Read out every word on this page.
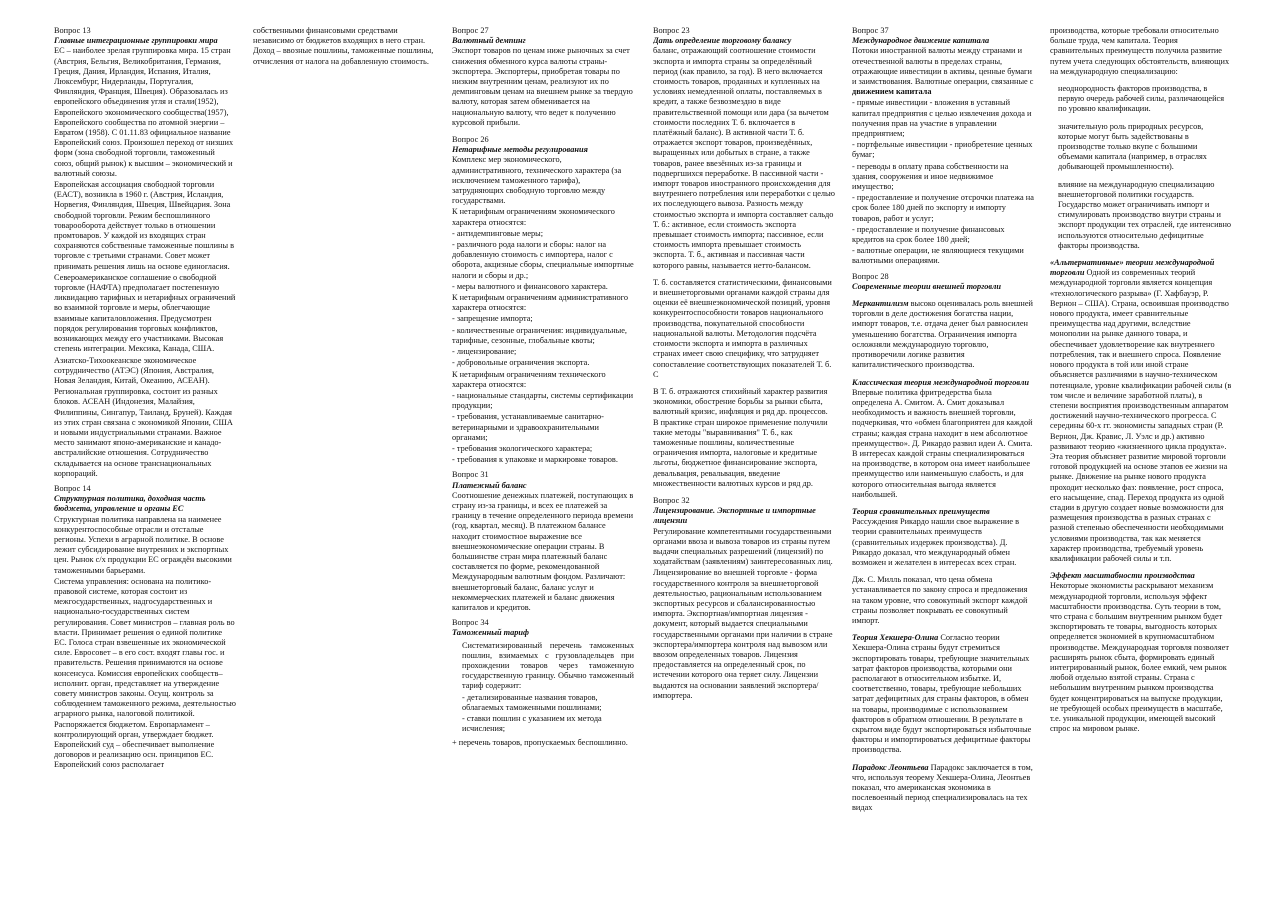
Вопрос 13
Главные интеграционные группировки мира
ЕС – наиболее зрелая группировка мира. 15 стран (Австрия, Бельгия, Великобритания, Германия, Греция, Дания, Ирландия, Испания, Италия, Люксембург, Нидерланды, Португалия, Финляндия, Франция, Швеция). Образовалась из европейского объединения угля и стали(1952), Европейского экономического сообщества(1957), Европейского сообщества по атомной энергии – Евратом (1958). С 01.11.83 официальное название Европейский союз. Произошел переход от низших форм (зона свободной торговли, таможенный союз, общий рынок) к высшим – экономический и валютный союзы.
Европейская ассоциация свободной торговли (ЕАСТ), возникла в 1960 г. (Австрия, Исландия, Норвегия, Финляндия, Швеция, Швейцария. Зона свободной торговли. Режим беспошлинного товарооборота действует только в отношении промтоваров. У каждой из входящих стран сохраняются собственные таможенные пошлины в торговле с третьими странами. Совет может принимать решения лишь на основе единогласия.
Североамериканское соглашение о свободной торговле (НАФТА) предполагает постепенную ликвидацию тарифных и нетарифных ограничений во взаимной торговле и меры, облегчающие взаимные капиталовложения. Предусмотрен порядок регулирования торговых конфликтов, возникающих между его участниками. Высокая степень интеграции. Мексика, Канада, США.
Азиатско-Тихоокеанское экономическое сотрудничество (АТЭС) (Япония, Австралия, Новая Зеландия, Китай, Океанию, АСЕАН).
Региональная группировка, состоит из разных блоков. АСЕАН (Индонезия, Малайзия, Филиппины, Сингапур, Таиланд, Бруней). Каждая из этих стран связана с экономикой Японии, США и новыми индустриальными странами. Важное место занимают японо-американские и канадо-австралийские отношения. Сотрудничество складывается на основе транснациональных корпораций.
Вопрос 14
Структурная политика, доходная часть бюджета, управление и органы ЕС
Структурная политика направлена на наименее конкурентоспособные отрасли и отсталые регионы. Успехи в аграрной политике. В основе лежит субсидирование внутренних и экспортных цен. Рынок с/х продукции ЕС ограждён высокими таможенными барьерами.
Система управления: основана на политико-правовой системе, которая состоит из межгосударственных, надгосударственных и национально-государственных систем регулирования. Совет министров – главная роль во власти. Принимает решения о единой политике ЕС. Голоса стран взвешенные их экономической силе. Евросовет – в его сост. входят главы гос. и правительств. Решения принимаются на основе консенсуса. Комиссия европейских сообществ– исполнит. орган, представляет на утверждение совету министров законы. Осущ. контроль за соблюдением таможенного режима, деятельностью аграрного рынка, налоговой политикой. Распоряжается бюджетом. Европарламент – контролирующий орган, утверждает бюджет. Европейский суд – обеспечивает выполнение договоров и реализацию осн. принципов ЕС. Европейский союз располагает
собственными финансовыми средствами независимо от бюджетов входящих в него стран. Доход – ввозные пошлины, таможенные пошлины, отчисления от налога на добавленную стоимость.
Вопрос 27
Валютный демпинг
Экспорт товаров по ценам ниже рыночных за счет снижения обменного курса валюты страны-экспортера. Экспортеры, приобретая товары по низким внутренним ценам, реализуют их по демпинговым ценам на внешнем рынке за твердую валюту, которая затем обменивается на национальную валюту, что ведет к получению курсовой прибыли.
Вопрос 26
Нетарифные методы регулирования
Комплекс мер экономического, административного, технического характера (за исключением таможенного тарифа), затрудняющих свободную торговлю между государствами.
К нетарифным ограничениям экономического характера относятся:
- антидемпинговые меры;
- различного рода налоги и сборы: налог на добавленную стоимость с импортера, налог с оборота, акцизные сборы, специальные импортные налоги и сборы и др.;
- меры валютного и финансового характера.
К нетарифным ограничениям административного характера относятся:
- запрещение импорта;
- количественные ограничения: индивидуальные, тарифные, сезонные, глобальные квоты;
- лицензирование;
- добровольные ограничения экспорта.
К нетарифным ограничениям технического характера относятся:
- национальные стандарты, системы сертификации продукции;
- требования, устанавливаемые санитарно-ветеринарными и здравоохранительными органами;
- требования экологического характера;
- требования к упаковке и маркировке товаров.
Вопрос 31
Платежный баланс
Соотношение денежных платежей, поступающих в страну из-за границы, и всех ее платежей за границу в течение определенного периода времени (год, квартал, месяц). В платежном балансе находит стоимостное выражение все внешнеэкономические операции страны. В большинстве стран мира платежный баланс составляется по форме, рекомендованной Международным валютным фондом. Различают: внешнеторговый баланс, баланс услуг и некоммерческих платежей и баланс движения капиталов и кредитов.
Вопрос 34
Таможенный тариф
Систематизированный перечень таможенных пошлин, взимаемых с грузовладельцев при прохождении товаров через таможенную государственную границу. Обычно таможенный тариф содержит:
- детализированные названия товаров, облагаемых таможенными пошлинами;
- ставки пошлин с указанием их метода исчисления;
+ перечень товаров, пропускаемых беспошлинно.
Вопрос 23
Дать определение торговому балансу
баланс, отражающий соотношение стоимости экспорта и импорта страны за определённый период (как правило, за год). В него включается стоимость товаров, проданных и купленных на условиях немедленной оплаты, поставляемых в кредит, а также безвозмездно в виде правительственной помощи или дара (за вычетом стоимости последних Т. б. включается в платёжный баланс). В активной части Т. б. отражается экспорт товаров, произведённых, выращенных или добытых в стране, а также товаров, ранее ввезённых из-за границы и подвергшихся переработке. В пассивной части - импорт товаров иностранного происхождения для внутреннего потребления или переработки с целью их последующего вывоза. Разность между стоимостью экспорта и импорта составляет сальдо Т. б.: активное, если стоимость экспорта превышает стоимость импорта; пассивное, если стоимость импорта превышает стоимость экспорта. Т. б., активная и пассивная части которого равны, называется нетто-балансом.
Т. б. составляется статистическими, финансовыми и внешнеторговыми органами каждой страны для оценки её внешнеэкономической позиций, уровня конкурентоспособности товаров национального производства, покупательной способности национальной валюты. Методология подсчёта стоимости экспорта и импорта в различных странах имеет свою специфику, что затрудняет сопоставление соответствующих показателей Т. б. С
В Т. б. отражаются стихийный характер развития экономики, обострение борьбы за рынки сбыта, валютный кризис, инфляция и ряд др. процессов. В практике стран широкое применение получили такие методы "выравнивания" Т. б., как таможенные пошлины, количественные ограничения импорта, налоговые и кредитные льготы, бюджетное финансирование экспорта, девальвация, ревальвация, введение множественности валютных курсов и ряд др.
Вопрос 32
Лицензирование. Экспортные и импортные лицензии
Регулирование компетентными государственными органами ввоза и вывоза товаров из страны путем выдачи специальных разрешений (лицензий) по ходатайствам (заявлениям) заинтересованных лиц.
Лицензирование во внешней торговле - форма государственного контроля за внешнеторговой деятельностью, рациональным использованием экспортных ресурсов и сбалансированностью импорта. Экспортная/импортная лицензия - документ, который выдается специальными государственными органами при наличии в стране экспортера/импортера контроля над вывозом или ввозом определенных товаров. Лицензия предоставляется на определенный срок, по истечении которого она теряет силу. Лицензии выдаются на основании заявлений экспортера/импортера.
Вопрос 37
Международное движение капитала
Потоки иностранной валюты между странами и отечественной валюты в пределах страны, отражающие инвестиции в активы, ценные бумаги и заимствования. Валютные операции, связанные с движением капитала
- прямые инвестиции - вложения в уставный капитал предприятия с целью извлечения дохода и получения прав на участие в управлении предприятием;
- портфельные инвестиции - приобретение ценных бумаг;
- переводы в оплату права собственности на здания, сооружения и иное недвижимое имущество;
- предоставление и получение отсрочки платежа на срок более 180 дней по экспорту и импорту товаров, работ и услуг;
- предоставление и получение финансовых кредитов на срок более 180 дней;
- валютные операции, не являющиеся текущими валютными операциями.
Вопрос 28
Современные теории внешней торговли
Меркантилизм высоко оценивалась роль внешней торговли в деле достижения богатства нации, импорт товаров, т.е. отдача денег был равносилен уменьшению богатства. Ограничения импорта осложняли международную торговлю, противоречили логике развития капиталистического производства.
Классическая теория международной торговли Впервые политика фритредерства была определена А. Смитом. А. Смит доказывал необходимость и важность внешней торговли, подчеркивая, что «обмен благоприятен для каждой страны; каждая страна находит в нем абсолютное преимущество». Д. Рикардо развил идеи А. Смита. В интересах каждой страны специализироваться на производстве, в котором она имеет наибольшее преимущество или наименьшую слабость, и для которого относительная выгода является наибольшей.
Теория сравнительных преимуществ
Рассуждения Рикардо нашли свое выражение в теории сравнительных преимуществ (сравнительных издержек производства). Д. Рикардо доказал, что международный обмен возможен и желателен в интересах всех стран.
Дж. С. Милль показал, что цена обмена устанавливается по закону спроса и предложения на таком уровне, что совокупный экспорт каждой страны позволяет покрывать ее совокупный импорт.
Теория Хекшера-Олина Согласно теории Хекшера-Олина страны будут стремиться экспортировать товары, требующие значительных затрат факторов производства, которыми они располагают в относительном избытке. И, соответственно, товары, требующие небольших затрат дефицитных для страны факторов, в обмен на товары, производимые с использованием факторов в обратном отношении. В результате в скрытом виде будут экспортироваться избыточные факторы и импортироваться дефицитные факторы производства.
Парадокс Леонтьева Парадокс заключается в том, что, используя теорему Хекшера-Олина, Леонтьев показал, что американская экономика в послевоенный период специализировалась на тех видах
производства, которые требовали относительно больше труда, чем капитала. Теория сравнительных преимуществ получила развитие путем учета следующих обстоятельств, влияющих на международную специализацию:
• неоднородность факторов производства, в первую очередь рабочей силы, различающейся по уровню квалификации.
• значительную роль природных ресурсов, которые могут быть задействованы в производстве только вкупе с большими объемами капитала (например, в отраслях добывающей промышленности).
• влияние на международную специализацию внешнеторговой политики государств. Государство может ограничивать импорт и стимулировать производство внутри страны и экспорт продукции тех отраслей, где интенсивно используются относительно дефицитные факторы производства.
«Альтернативные» теории международной торговли Одной из современных теорий международной торговли является концепция «технологического разрыва» (Г. Хафбауэр, Р. Вернон – США). Страна, освоившая производство нового продукта, имеет сравнительные преимущества над другими, вследствие монополии на рынке данного товара, и обеспечивает удовлетворение как внутреннего потребления, так и внешнего спроса. Появление нового продукта в той или иной стране объясняется различиями в научно-техническом потенциале, уровне квалификации рабочей силы (в том числе и величине заработной платы), в степени восприятия производственным аппаратом достижений научно-технического прогресса. С середины 60-х гг. экономисты западных стран (Р. Вернон, Дж. Кравис, Л. Уэлс и др.) активно развивают теорию «жизненного цикла продукта». Эта теория объясняет развитие мировой торговли готовой продукцией на основе этапов ее жизни на рынке. Движение на рынке нового продукта проходит несколько фаз: появление, рост спроса, его насыщение, спад. Переход продукта из одной стадии в другую создает новые возможности для размещения производства в разных странах с разной степенью обеспеченности необходимыми условиями производства, так как меняется характер производства, требуемый уровень квалификации рабочей силы и т.п.
Эффект масштабности производства
Некоторые экономисты раскрывают механизм международной торговли, используя эффект масштабности производства. Суть теории в том, что страна с большим внутренним рынком будет экспортировать те товары, выгодность которых определяется экономией в крупномасштабном производстве. Международная торговля позволяет расширять рынок сбыта, формировать единый интегрированный рынок, более емкий, чем рынок любой отдельно взятой страны. Страна с небольшим внутренним рынком производства будет концентрироваться на выпуске продукции, не требующей особых преимуществ в масштабе, т.е. уникальной продукции, имеющей высокий спрос на мировом рынке.
